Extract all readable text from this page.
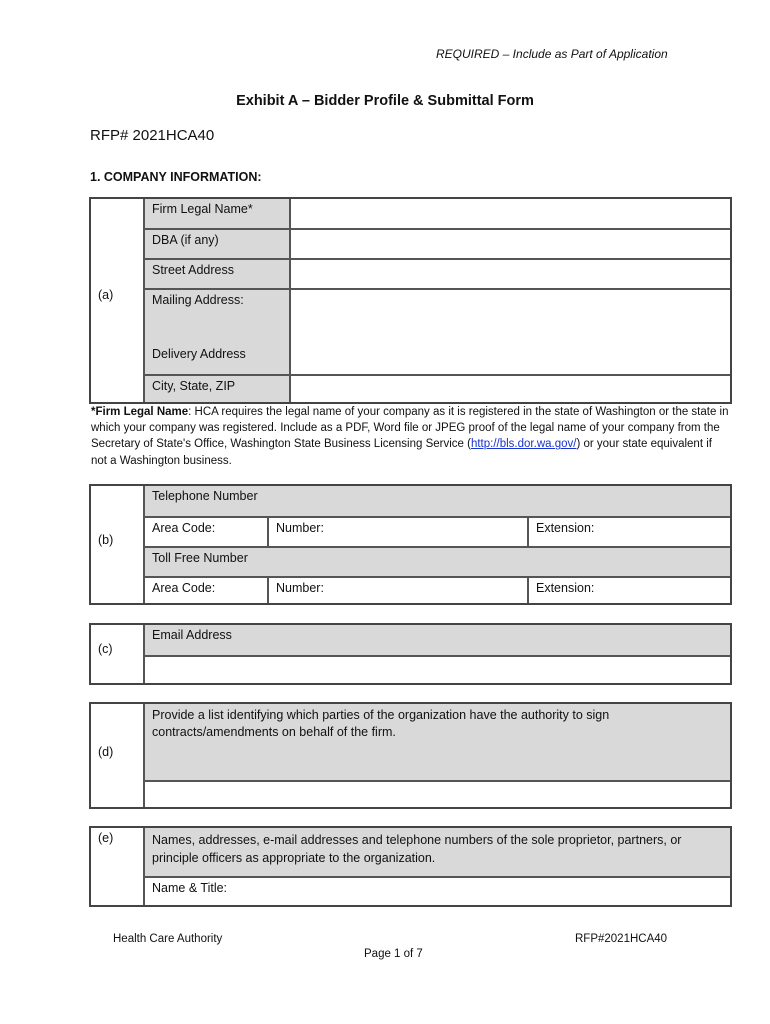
REQUIRED – Include as Part of Application
Exhibit A – Bidder Profile & Submittal Form
RFP# 2021HCA40
1. COMPANY INFORMATION:
(a)
Firm Legal Name*
DBA (if any)
Street Address
Mailing Address:
Delivery Address
City, State, ZIP
*Firm Legal Name: HCA requires the legal name of your company as it is registered in the state of Washington or the state in which your company was registered. Include as a PDF, Word file or JPEG proof of the legal name of your company from the Secretary of State's Office, Washington State Business Licensing Service (http://bls.dor.wa.gov/) or your state equivalent if not a Washington business.
(b)
Telephone Number
Area Code:	Number:	Extension:
Toll Free Number
Area Code:	Number:	Extension:
(c)
Email Address
(d)
Provide a list identifying which parties of the organization have the authority to sign contracts/amendments on behalf of the firm.
(e)	Names, addresses, e-mail addresses and telephone numbers of the sole proprietor, partners, or principle officers as appropriate to the organization.
Name & Title:
Health Care Authority	RFP#2021HCA40
Page 1 of 7
